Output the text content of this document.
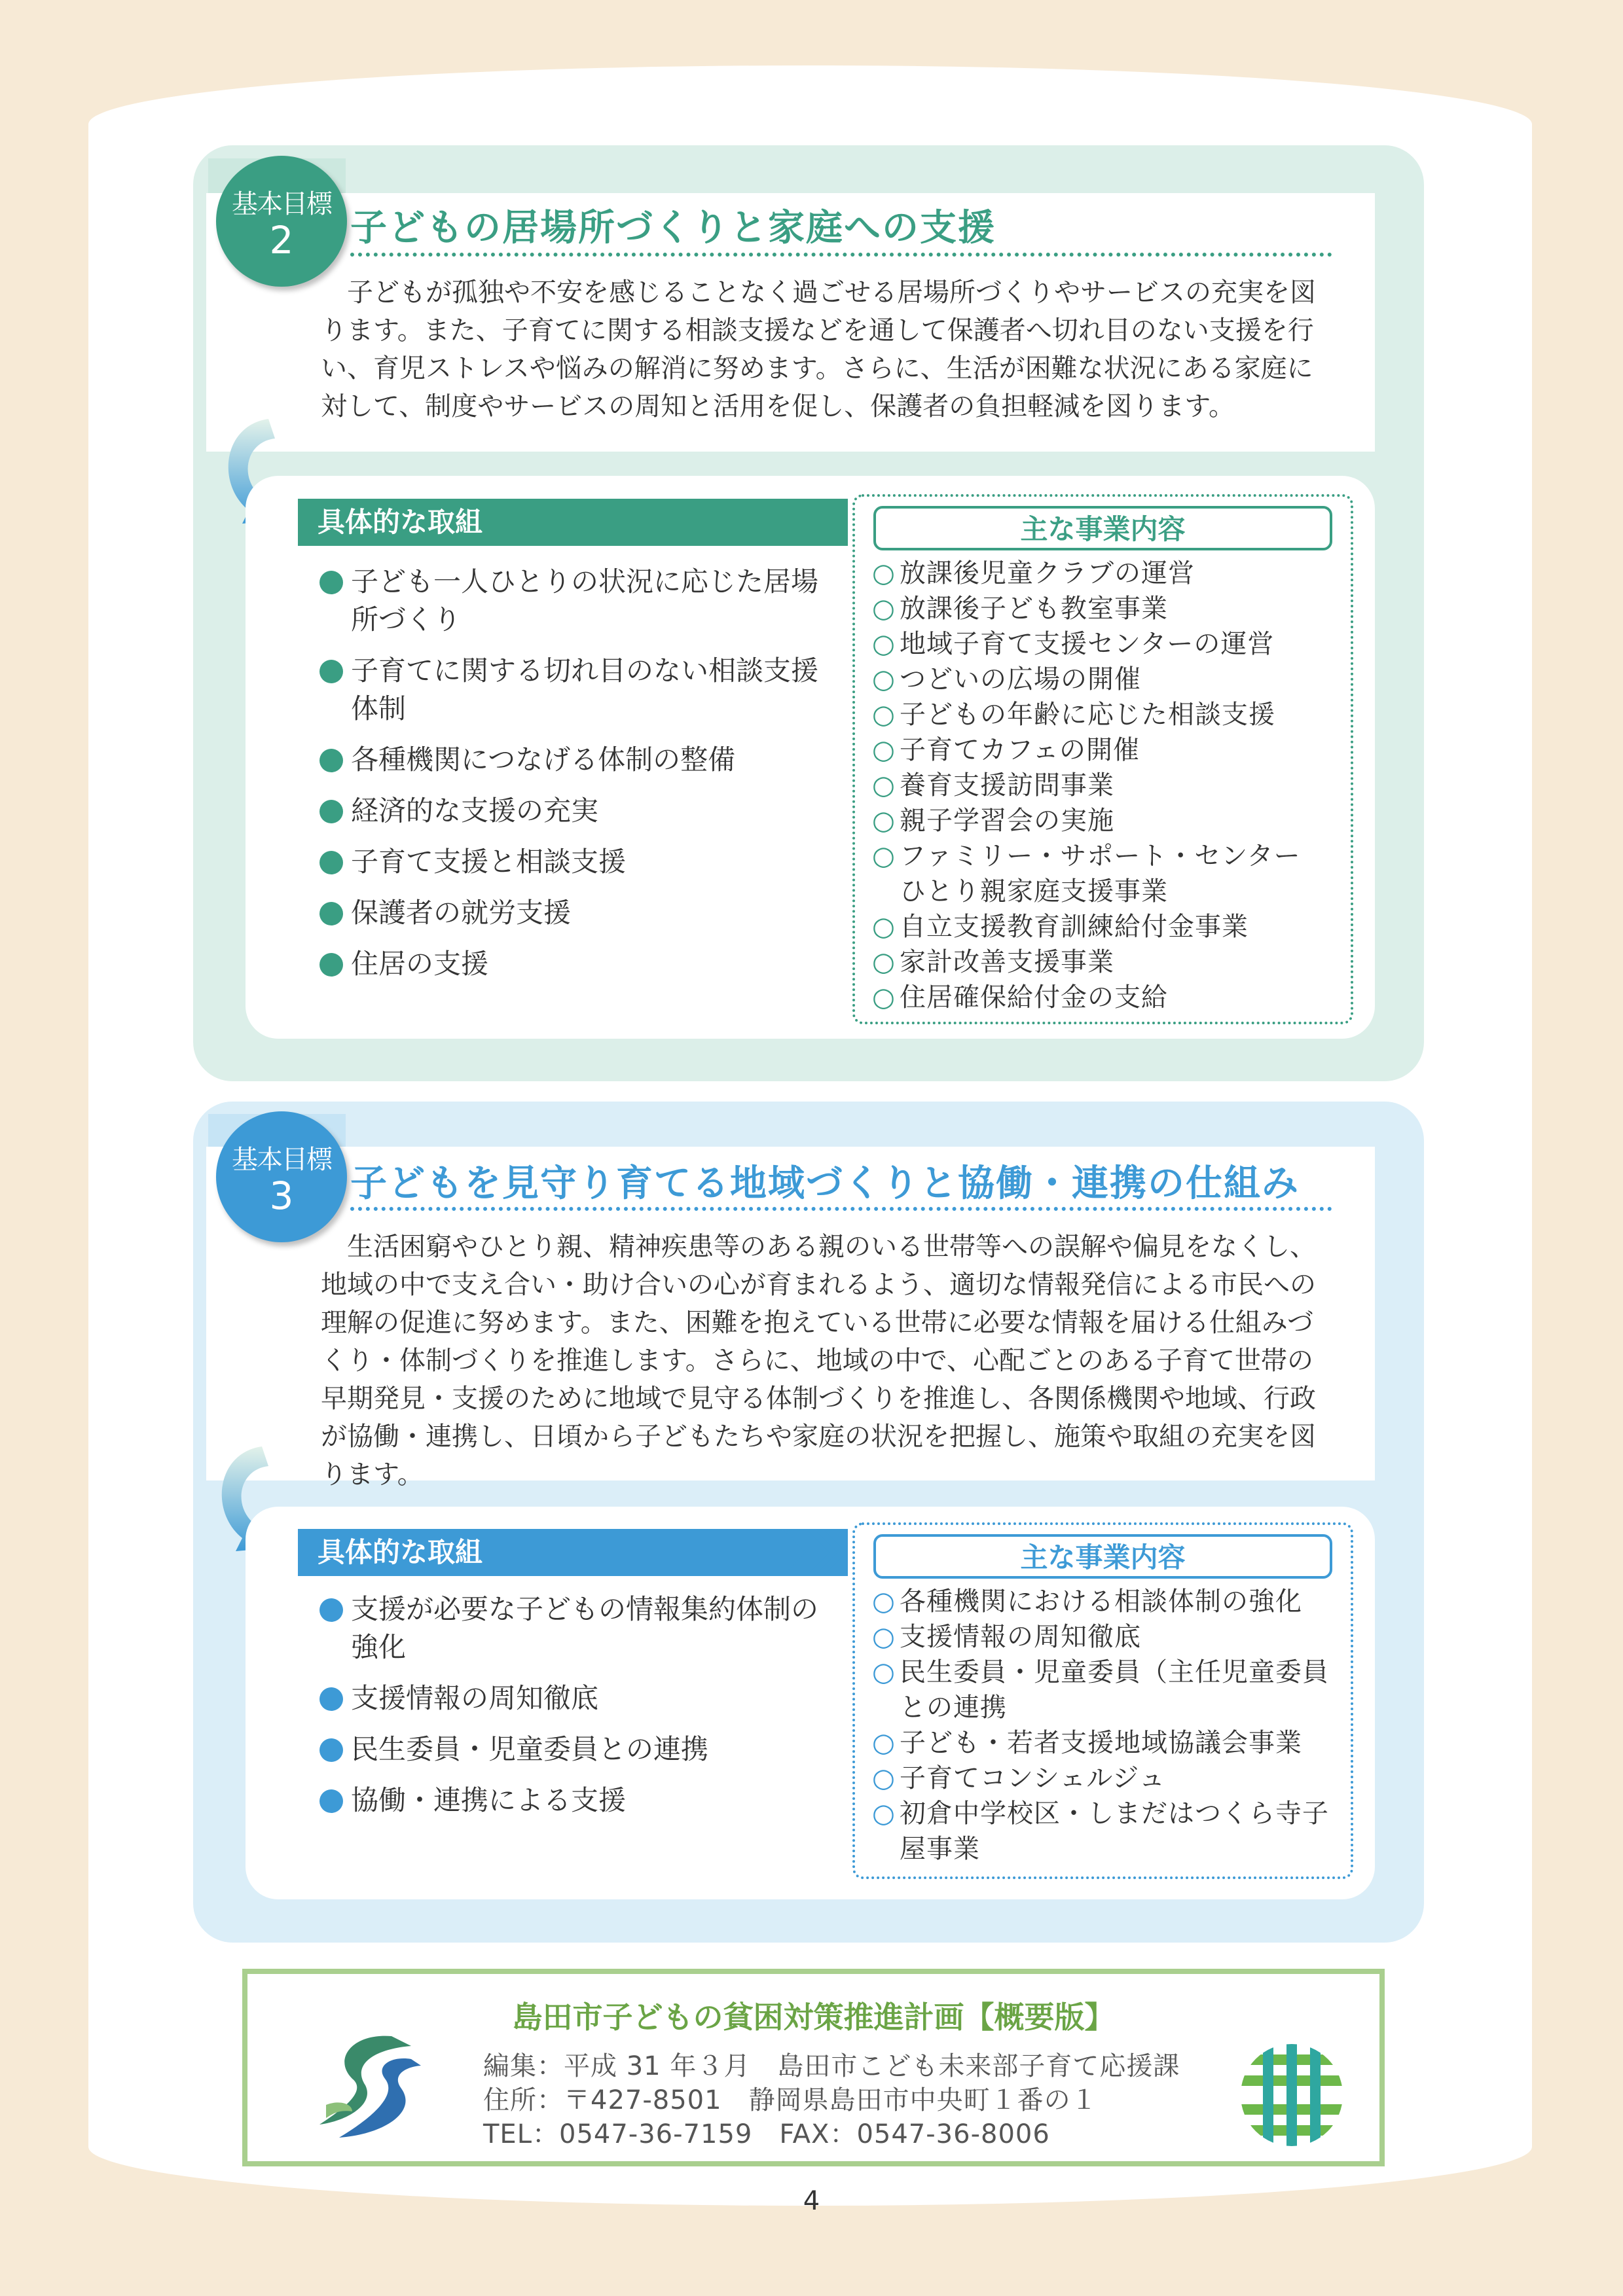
基本目標
2	子どもの居場所づくりと家庭への支援
　子どもが孤独や不安を感じることなく過ごせる居場所づくりやサービスの充実を図ります。また、子育てに関する相談支援などを通して保護者へ切れ目のない支援を行い、育児ストレスや悩みの解消に努めます。さらに、生活が困難な状況にある家庭に対して、制度やサービスの周知と活用を促し、保護者の負担軽減を図ります。
具体的な取組
子ども一人ひとりの状況に応じた居場所づくり
子育てに関する切れ目のない相談支援体制
各種機関につなげる体制の整備
経済的な支援の充実
子育て支援と相談支援
保護者の就労支援
住居の支援
主な事業内容
○ 放課後児童クラブの運営
○ 放課後子ども教室事業
○ 地域子育て支援センターの運営
○ つどいの広場の開催
○ 子どもの年齢に応じた相談支援
○ 子育てカフェの開催
○ 養育支援訪問事業
○ 親子学習会の実施
○ ファミリー・サポート・センター　ひとり親家庭支援事業
○ 自立支援教育訓練給付金事業
○ 家計改善支援事業
○ 住居確保給付金の支給
基本目標
3	子どもを見守り育てる地域づくりと協働・連携の仕組み
　生活困窮やひとり親、精神疾患等のある親のいる世帯等への誤解や偏見をなくし、地域の中で支え合い・助け合いの心が育まれるよう、適切な情報発信による市民への理解の促進に努めます。また、困難を抱えている世帯に必要な情報を届ける仕組みづくり・体制づくりを推進します。さらに、地域の中で、心配ごとのある子育て世帯の早期発見・支援のために地域で見守る体制づくりを推進し、各関係機関や地域、行政が協働・連携し、日頃から子どもたちや家庭の状況を把握し、施策や取組の充実を図ります。
具体的な取組
支援が必要な子どもの情報集約体制の強化
支援情報の周知徹底
民生委員・児童委員との連携
協働・連携による支援
主な事業内容
○ 各種機関における相談体制の強化
○ 支援情報の周知徹底
○ 民生委員・児童委員（主任児童委員との連携
○ 子ども・若者支援地域協議会事業
○ 子育てコンシェルジュ
○ 初倉中学校区・しまだはつくら寺子屋事業
島田市子どもの貧困対策推進計画【概要版】
編集：平成 31 年３月　島田市こども未来部子育て応援課
住所：〒427-8501　静岡県島田市中央町１番の１
TEL：0547-36-7159　FAX：0547-36-8006
4
